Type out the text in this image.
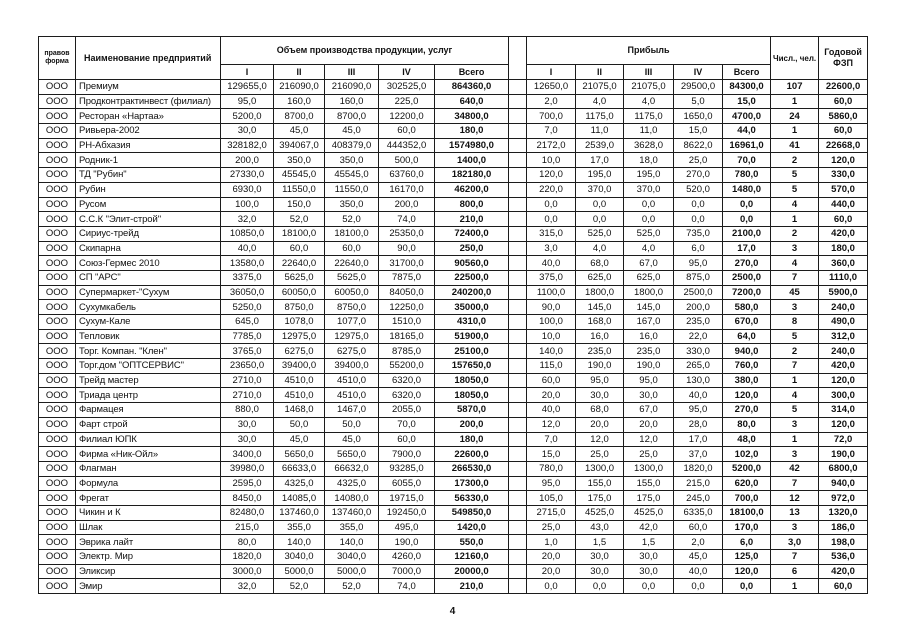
правов
форма	Наименование предприятий	Объем производства продукции, услуг						Прибыль					Числ., чел.	Годовой
ФЗП
		I	II	III	IV	Всего		I	II	III	IV	Всего		
ООО	Премиум	129655,0	216090,0	216090,0	302525,0	864360,0		12650,0	21075,0	21075,0	29500,0	84300,0	107	22600,0
ООО	Продконтрактинвест (филиал)	95,0	160,0	160,0	225,0	640,0		2,0	4,0	4,0	5,0	15,0	1	60,0
ООО	Ресторан «Нартаа»	5200,0	8700,0	8700,0	12200,0	34800,0		700,0	1175,0	1175,0	1650,0	4700,0	24	5860,0
ООО	Ривьера-2002	30,0	45,0	45,0	60,0	180,0		7,0	11,0	11,0	15,0	44,0	1	60,0
ООО	РН-Абхазия	328182,0	394067,0	408379,0	444352,0	1574980,0		2172,0	2539,0	3628,0	8622,0	16961,0	41	22668,0
ООО	Родник-1	200,0	350,0	350,0	500,0	1400,0		10,0	17,0	18,0	25,0	70,0	2	120,0
ООО	ТД "Рубин"	27330,0	45545,0	45545,0	63760,0	182180,0		120,0	195,0	195,0	270,0	780,0	5	330,0
ООО	Рубин	6930,0	11550,0	11550,0	16170,0	46200,0		220,0	370,0	370,0	520,0	1480,0	5	570,0
ООО	Русом	100,0	150,0	350,0	200,0	800,0		0,0	0,0	0,0	0,0	0,0	4	440,0
ООО	С.С.К "Элит-строй"	32,0	52,0	52,0	74,0	210,0		0,0	0,0	0,0	0,0	0,0	1	60,0
ООО	Сириус-трейд	10850,0	18100,0	18100,0	25350,0	72400,0		315,0	525,0	525,0	735,0	2100,0	2	420,0
ООО	Скипарна	40,0	60,0	60,0	90,0	250,0		3,0	4,0	4,0	6,0	17,0	3	180,0
ООО	Союз-Гермес 2010	13580,0	22640,0	22640,0	31700,0	90560,0		40,0	68,0	67,0	95,0	270,0	4	360,0
ООО	СП "АРС"	3375,0	5625,0	5625,0	7875,0	22500,0		375,0	625,0	625,0	875,0	2500,0	7	1110,0
ООО	Супермаркет-"Сухум	36050,0	60050,0	60050,0	84050,0	240200,0		1100,0	1800,0	1800,0	2500,0	7200,0	45	5900,0
ООО	Сухумкабель	5250,0	8750,0	8750,0	12250,0	35000,0		90,0	145,0	145,0	200,0	580,0	3	240,0
ООО	Сухум-Кале	645,0	1078,0	1077,0	1510,0	4310,0		100,0	168,0	167,0	235,0	670,0	8	490,0
ООО	Тепловик	7785,0	12975,0	12975,0	18165,0	51900,0		10,0	16,0	16,0	22,0	64,0	5	312,0
ООО	Торг. Компан. "Клен"	3765,0	6275,0	6275,0	8785,0	25100,0		140,0	235,0	235,0	330,0	940,0	2	240,0
ООО	Торг.дом "ОПТСЕРВИС"	23650,0	39400,0	39400,0	55200,0	157650,0		115,0	190,0	190,0	265,0	760,0	7	420,0
ООО	Трейд мастер	2710,0	4510,0	4510,0	6320,0	18050,0		60,0	95,0	95,0	130,0	380,0	1	120,0
ООО	Триада центр	2710,0	4510,0	4510,0	6320,0	18050,0		20,0	30,0	30,0	40,0	120,0	4	300,0
ООО	Фармацея	880,0	1468,0	1467,0	2055,0	5870,0		40,0	68,0	67,0	95,0	270,0	5	314,0
ООО	Фарт строй	30,0	50,0	50,0	70,0	200,0		12,0	20,0	20,0	28,0	80,0	3	120,0
ООО	Филиал ЮПК	30,0	45,0	45,0	60,0	180,0		7,0	12,0	12,0	17,0	48,0	1	72,0
ООО	Фирма «Ник-Ойл»	3400,0	5650,0	5650,0	7900,0	22600,0		15,0	25,0	25,0	37,0	102,0	3	190,0
ООО	Флагман	39980,0	66633,0	66632,0	93285,0	266530,0		780,0	1300,0	1300,0	1820,0	5200,0	42	6800,0
ООО	Формула	2595,0	4325,0	4325,0	6055,0	17300,0		95,0	155,0	155,0	215,0	620,0	7	940,0
ООО	Фрегат	8450,0	14085,0	14080,0	19715,0	56330,0		105,0	175,0	175,0	245,0	700,0	12	972,0
ООО	Чикин и К	82480,0	137460,0	137460,0	192450,0	549850,0		2715,0	4525,0	4525,0	6335,0	18100,0	13	1320,0
ООО	Шлак	215,0	355,0	355,0	495,0	1420,0		25,0	43,0	42,0	60,0	170,0	3	186,0
ООО	Эврика лайт	80,0	140,0	140,0	190,0	550,0		1,0	1,5	1,5	2,0	6,0	3,0	198,0
ООО	Электр. Мир	1820,0	3040,0	3040,0	4260,0	12160,0		20,0	30,0	30,0	45,0	125,0	7	536,0
ООО	Эликсир	3000,0	5000,0	5000,0	7000,0	20000,0		20,0	30,0	30,0	40,0	120,0	6	420,0
ООО	Эмир	32,0	52,0	52,0	74,0	210,0		0,0	0,0	0,0	0,0	0,0	1	60,0
4
